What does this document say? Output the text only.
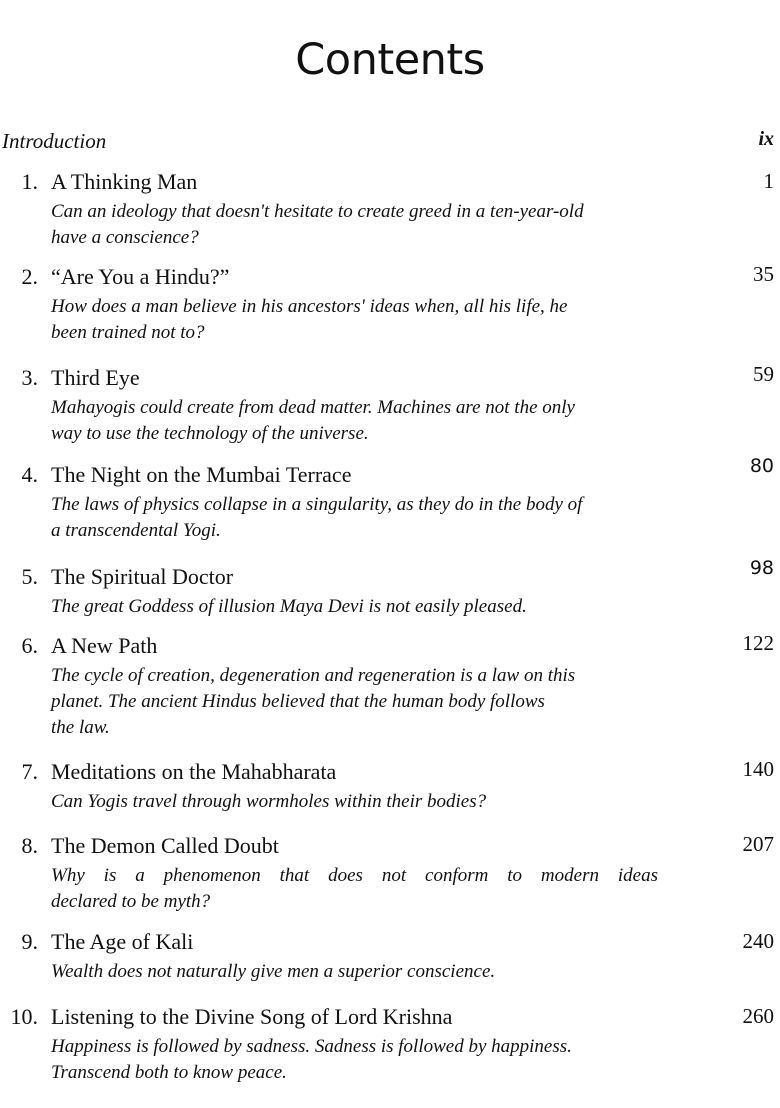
Contents
Introduction	ix
1. A Thinking Man	1
Can an ideology that doesn't hesitate to create greed in a ten-year-old
have a conscience?
2. “Are You a Hindu?”	35
How does a man believe in his ancestors' ideas when, all his life, he
been trained not to?
3. Third Eye	59
Mahayogis could create from dead matter. Machines are not the only
way to use the technology of the universe.
4. The Night on the Mumbai Terrace	80
The laws of physics collapse in a singularity, as they do in the body of
a transcendental Yogi.
5. The Spiritual Doctor	98
The great Goddess of illusion Maya Devi is not easily pleased.
6. A New Path	122
The cycle of creation, degeneration and regeneration is a law on this
planet. The ancient Hindus believed that the human body follows
the law.
7. Meditations on the Mahabharata	140
Can Yogis travel through wormholes within their bodies?
8. The Demon Called Doubt	207
Why is a phenomenon that does not conform to modern ideas
declared to be myth?
9. The Age of Kali	240
Wealth does not naturally give men a superior conscience.
10. Listening to the Divine Song of Lord Krishna	260
Happiness is followed by sadness. Sadness is followed by happiness.
Transcend both to know peace.
